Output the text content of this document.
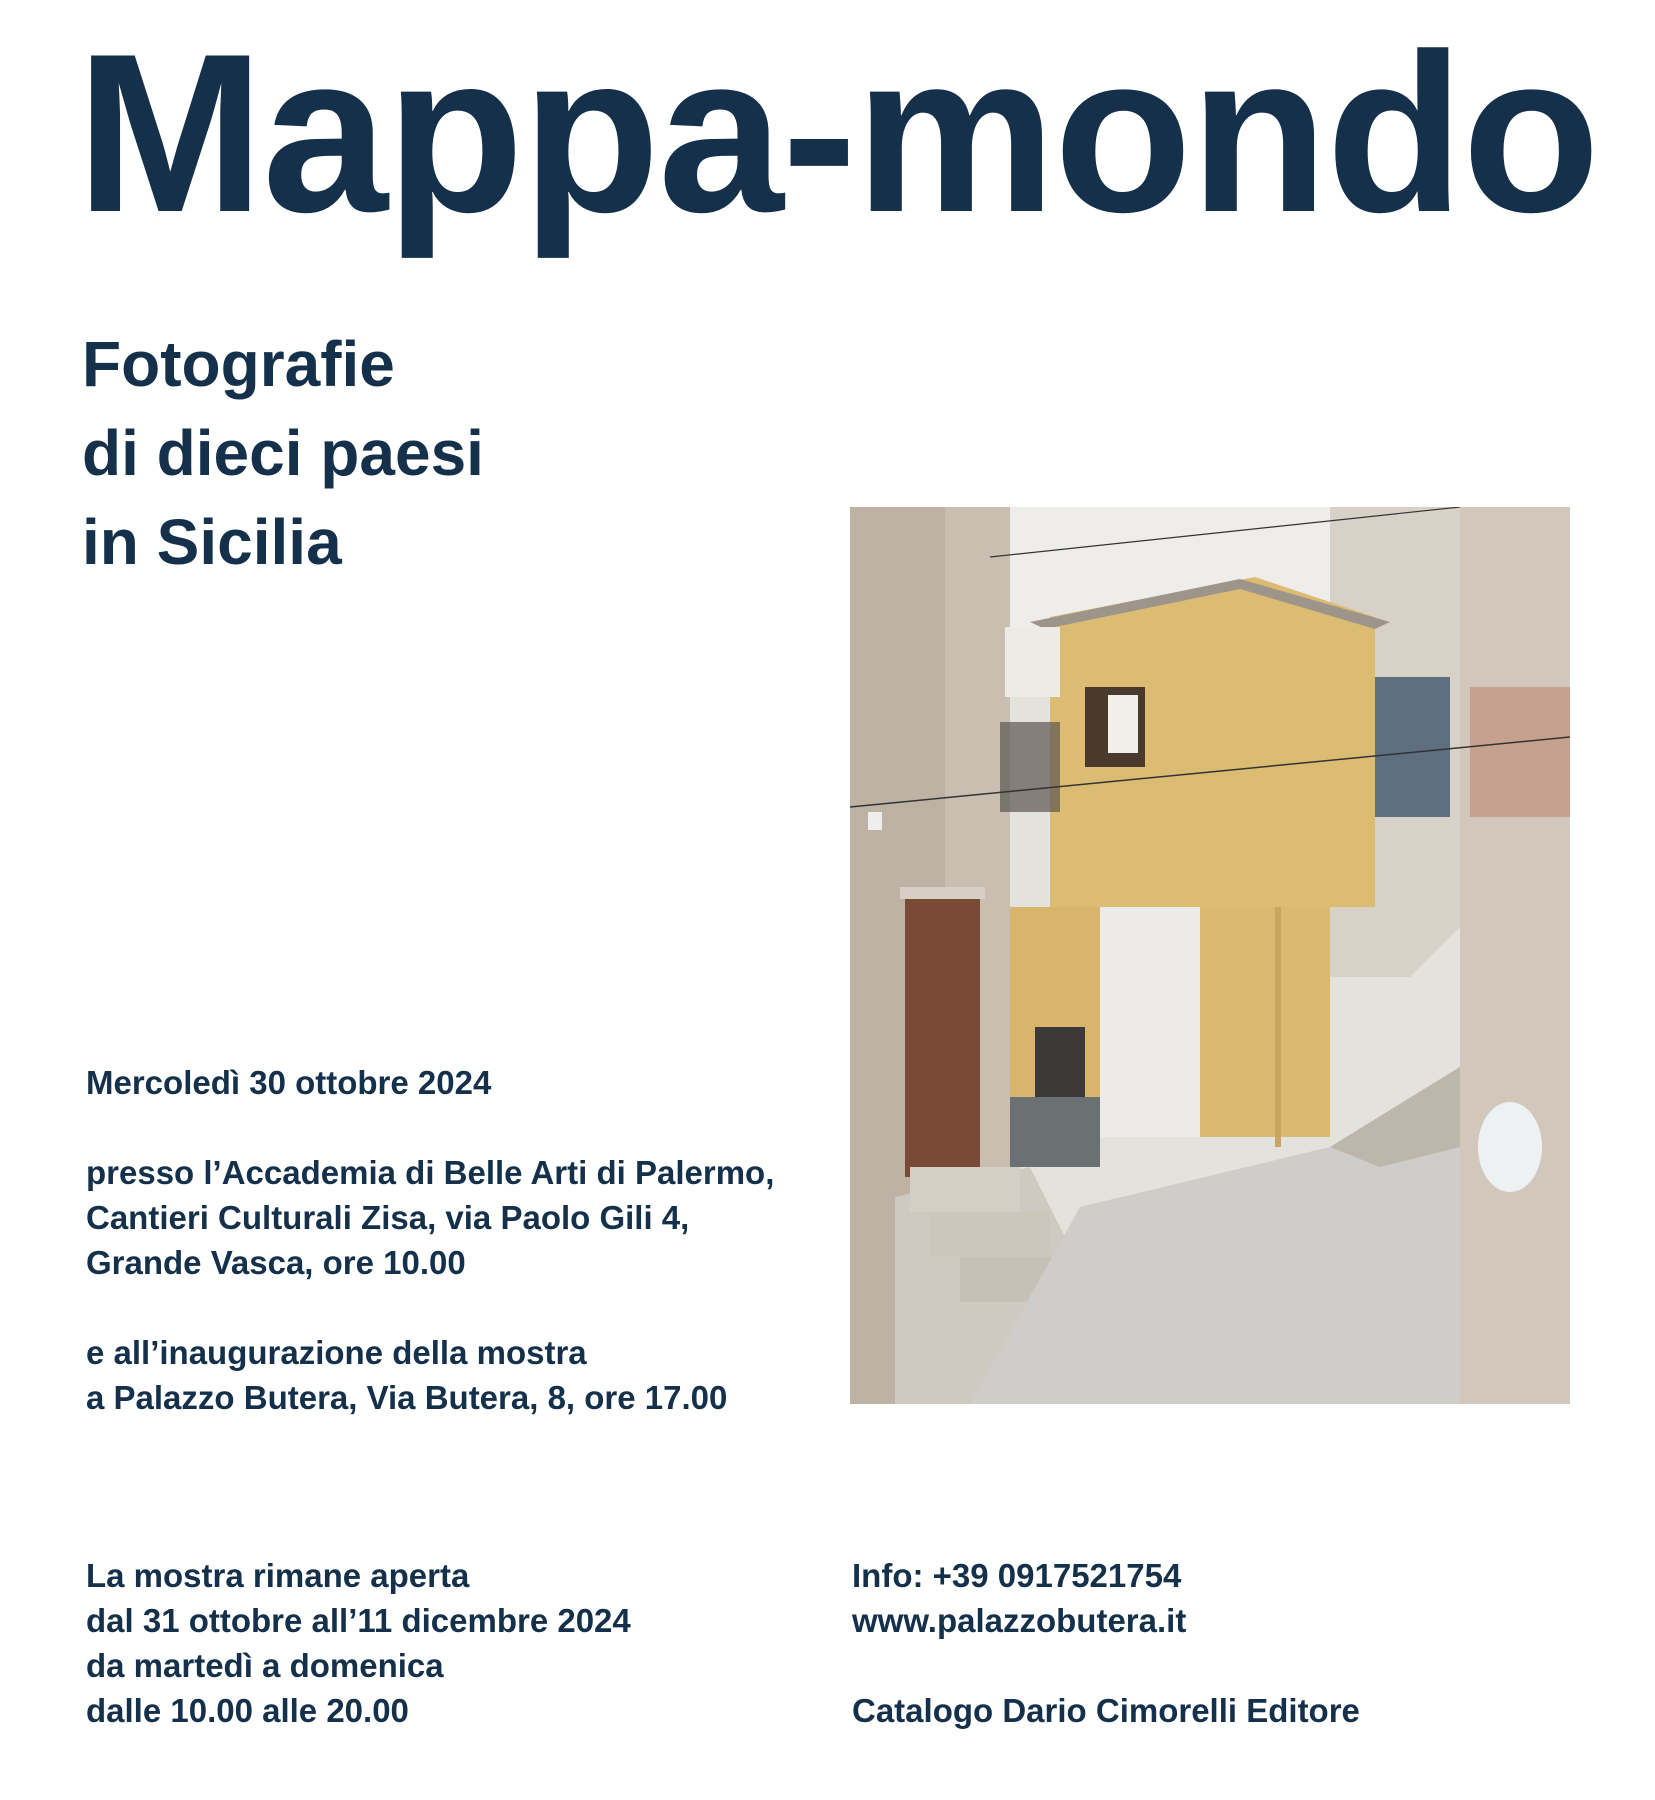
Mappa-mondo
Fotografie
di dieci paesi
in Sicilia
Mercoledì 30 ottobre 2024
presso l’Accademia di Belle Arti di Palermo,
Cantieri Culturali Zisa, via Paolo Gili 4,
Grande Vasca, ore 10.00
e all’inaugurazione della mostra
a Palazzo Butera, Via Butera, 8, ore 17.00
La mostra rimane aperta
dal 31 ottobre all’11 dicembre 2024
da martedì a domenica
dalle 10.00 alle 20.00
Info: +39 0917521754
www.palazzobutera.it
Catalogo Dario Cimorelli Editore
